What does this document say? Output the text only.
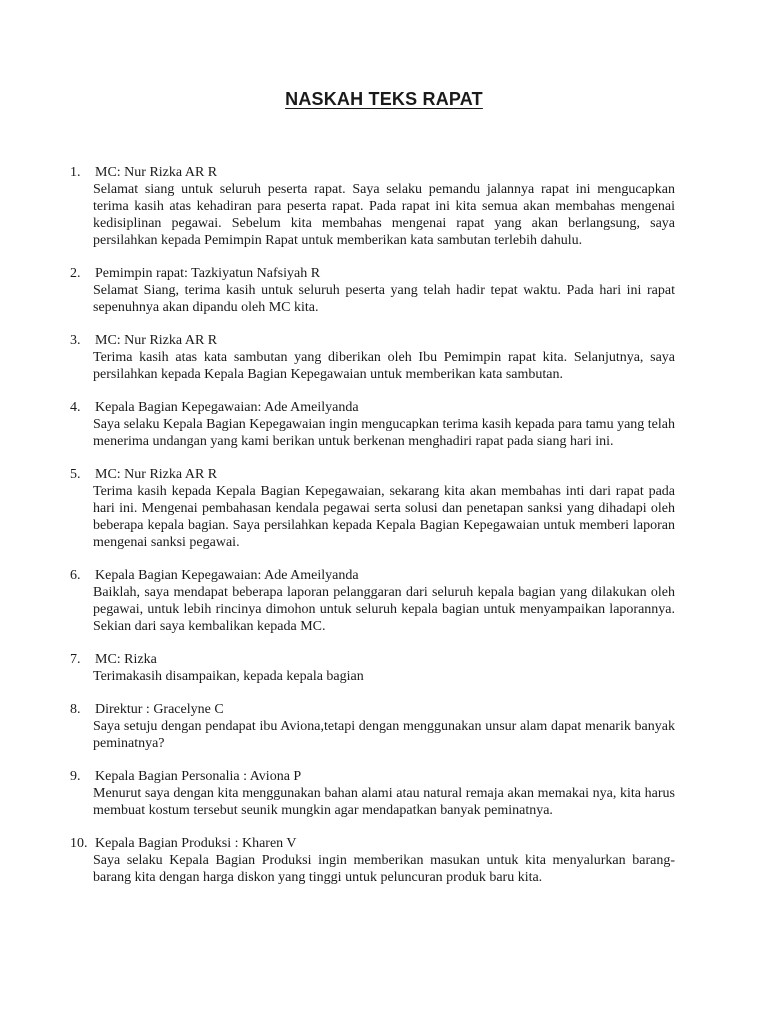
NASKAH TEKS RAPAT
1. MC: Nur Rizka AR R
Selamat siang untuk seluruh peserta rapat. Saya selaku pemandu jalannya rapat ini mengucapkan terima kasih atas kehadiran para peserta rapat. Pada rapat ini kita semua akan membahas mengenai kedisiplinan pegawai. Sebelum kita membahas mengenai rapat yang akan berlangsung, saya persilahkan kepada Pemimpin Rapat untuk memberikan kata sambutan terlebih dahulu.
2. Pemimpin rapat: Tazkiyatun Nafsiyah R
Selamat Siang, terima kasih untuk seluruh peserta yang telah hadir tepat waktu. Pada hari ini rapat sepenuhnya akan dipandu oleh MC kita.
3. MC: Nur Rizka AR R
Terima kasih atas kata sambutan yang diberikan oleh Ibu Pemimpin rapat kita. Selanjutnya, saya persilahkan kepada Kepala Bagian Kepegawaian untuk memberikan kata sambutan.
4. Kepala Bagian Kepegawaian: Ade Ameilyanda
Saya selaku Kepala Bagian Kepegawaian ingin mengucapkan terima kasih kepada para tamu yang telah menerima undangan yang kami berikan untuk berkenan menghadiri rapat pada siang hari ini.
5. MC: Nur Rizka AR R
Terima kasih kepada Kepala Bagian Kepegawaian, sekarang kita akan membahas inti dari rapat pada hari ini. Mengenai pembahasan kendala pegawai serta solusi dan penetapan sanksi yang dihadapi oleh beberapa kepala bagian. Saya persilahkan kepada Kepala Bagian Kepegawaian untuk memberi laporan mengenai sanksi pegawai.
6. Kepala Bagian Kepegawaian: Ade Ameilyanda
Baiklah, saya mendapat beberapa laporan pelanggaran dari seluruh kepala bagian yang dilakukan oleh pegawai, untuk lebih rincinya dimohon untuk seluruh kepala bagian untuk menyampaikan laporannya. Sekian dari saya kembalikan kepada MC.
7. MC: Rizka
Terimakasih disampaikan, kepada kepala bagian
8. Direktur : Gracelyne C
Saya setuju dengan pendapat ibu Aviona,tetapi dengan menggunakan unsur alam dapat menarik banyak peminatnya?
9. Kepala Bagian Personalia : Aviona P
Menurut saya dengan kita menggunakan bahan alami atau natural remaja akan memakai nya, kita harus membuat kostum tersebut seunik mungkin agar mendapatkan banyak peminatnya.
10. Kepala Bagian Produksi : Kharen V
Saya selaku Kepala Bagian Produksi ingin memberikan masukan untuk kita menyalurkan barang-barang kita dengan harga diskon yang tinggi untuk peluncuran produk baru kita.
